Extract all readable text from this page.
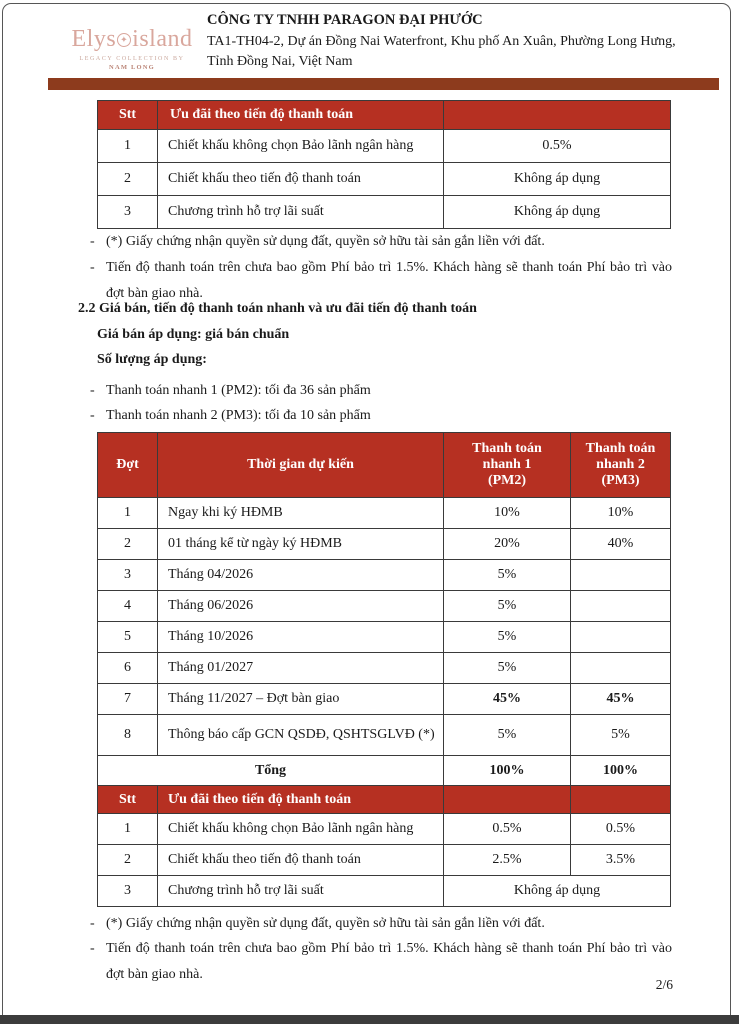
Elys ✦ island
LEGACY COLLECTION BY
NAM LONG
CÔNG TY TNHH PARAGON ĐẠI PHƯỚC
TA1-TH04-2, Dự án Đồng Nai Waterfront, Khu phố An Xuân, Phường Long Hưng, Tỉnh Đồng Nai, Việt Nam
Stt	Ưu đãi theo tiến độ thanh toán	
1	Chiết khấu không chọn Bảo lãnh ngân hàng	0.5%
2	Chiết khấu theo tiến độ thanh toán	Không áp dụng
3	Chương trình hỗ trợ lãi suất	Không áp dụng
- (*) Giấy chứng nhận quyền sử dụng đất, quyền sở hữu tài sản gắn liền với đất.
- Tiến độ thanh toán trên chưa bao gồm Phí bảo trì 1.5%. Khách hàng sẽ thanh toán Phí bảo trì vào đợt bàn giao nhà.
2.2 Giá bán, tiến độ thanh toán nhanh và ưu đãi tiến độ thanh toán
Giá bán áp dụng: giá bán chuẩn
Số lượng áp dụng:
- Thanh toán nhanh 1 (PM2): tối đa 36 sản phẩm
- Thanh toán nhanh 2 (PM3): tối đa 10 sản phẩm
Đợt	Thời gian dự kiến	Thanh toán nhanh 1 (PM2)	Thanh toán nhanh 2 (PM3)
1	Ngay khi ký HĐMB	10%	10%
2	01 tháng kể từ ngày ký HĐMB	20%	40%
3	Tháng 04/2026	5%	
4	Tháng 06/2026	5%	
5	Tháng 10/2026	5%	
6	Tháng 01/2027	5%	
7	Tháng 11/2027 – Đợt bàn giao	45%	45%
8	Thông báo cấp GCN QSDĐ, QSHTSGLVĐ (*)	5%	5%
Tổng		100%	100%
Stt	Ưu đãi theo tiến độ thanh toán		
1	Chiết khấu không chọn Bảo lãnh ngân hàng	0.5%	0.5%
2	Chiết khấu theo tiến độ thanh toán	2.5%	3.5%
3	Chương trình hỗ trợ lãi suất	Không áp dụng	
- (*) Giấy chứng nhận quyền sử dụng đất, quyền sở hữu tài sản gắn liền với đất.
- Tiến độ thanh toán trên chưa bao gồm Phí bảo trì 1.5%. Khách hàng sẽ thanh toán Phí bảo trì vào đợt bàn giao nhà.
2/6
